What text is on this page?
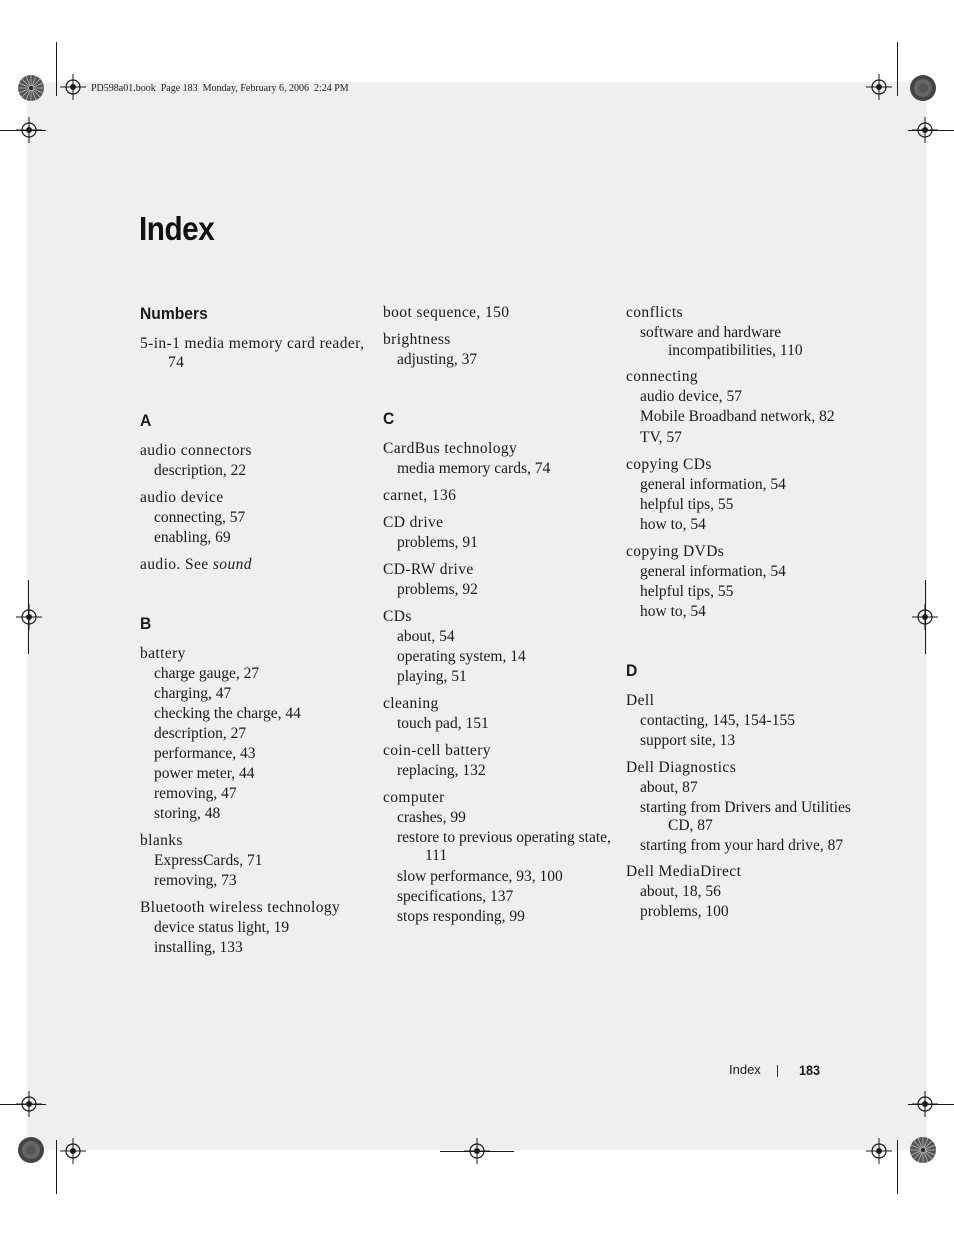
PD598a01.book  Page 183  Monday, February 6, 2006  2:24 PM
Index
Numbers
5-in-1 media memory card reader, 74
A
audio connectors
description, 22
audio device
connecting, 57
enabling, 69
audio. See sound
B
battery
charge gauge, 27
charging, 47
checking the charge, 44
description, 27
performance, 43
power meter, 44
removing, 47
storing, 48
blanks
ExpressCards, 71
removing, 73
Bluetooth wireless technology
device status light, 19
installing, 133
boot sequence, 150
brightness
adjusting, 37
C
CardBus technology
media memory cards, 74
carnet, 136
CD drive
problems, 91
CD-RW drive
problems, 92
CDs
about, 54
operating system, 14
playing, 51
cleaning
touch pad, 151
coin-cell battery
replacing, 132
computer
crashes, 99
restore to previous operating state, 111
slow performance, 93, 100
specifications, 137
stops responding, 99
conflicts
software and hardware incompatibilities, 110
connecting
audio device, 57
Mobile Broadband network, 82
TV, 57
copying CDs
general information, 54
helpful tips, 55
how to, 54
copying DVDs
general information, 54
helpful tips, 55
how to, 54
D
Dell
contacting, 145, 154-155
support site, 13
Dell Diagnostics
about, 87
starting from Drivers and Utilities CD, 87
starting from your hard drive, 87
Dell MediaDirect
about, 18, 56
problems, 100
Index	183
